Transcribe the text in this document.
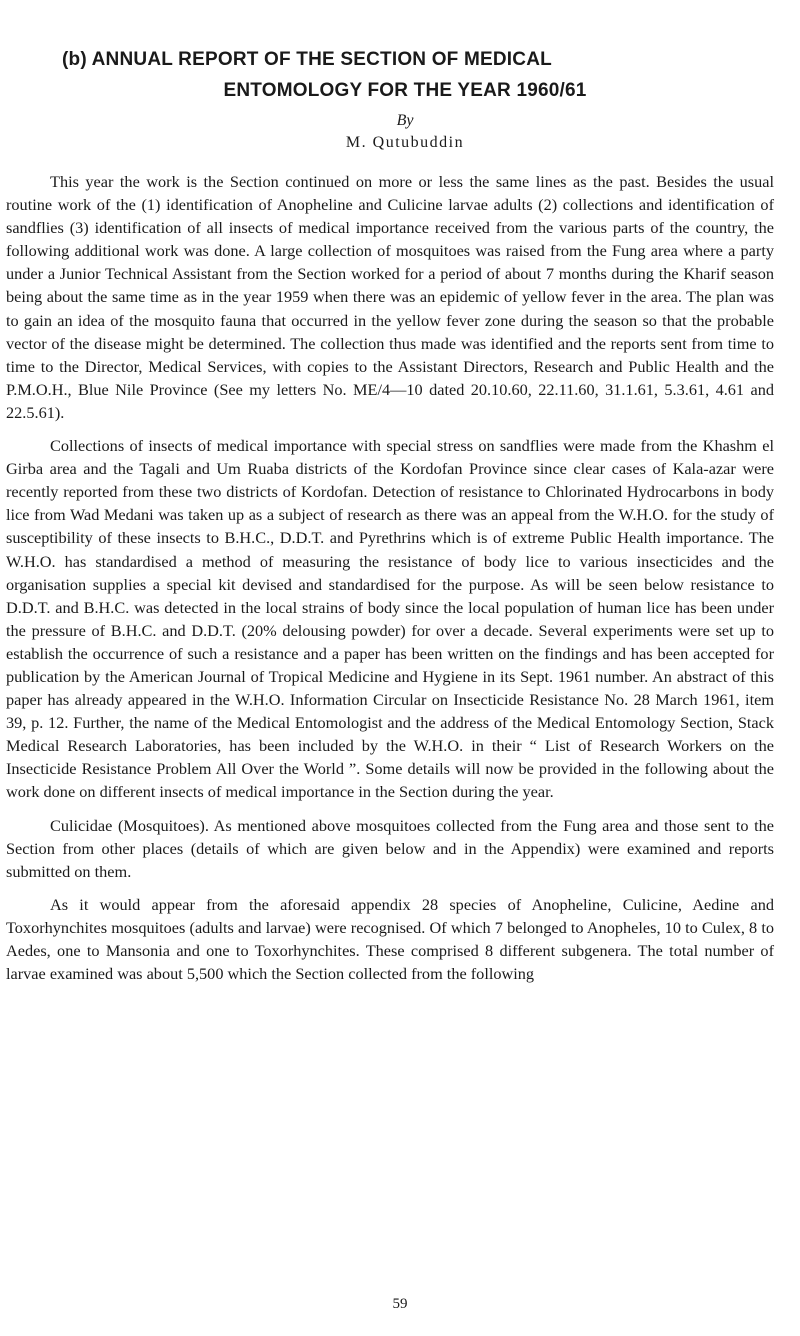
(b) ANNUAL REPORT OF THE SECTION OF MEDICAL
ENTOMOLOGY FOR THE YEAR 1960/61
By
M. Qutubuddin

This year the work is the Section continued on more or less the same lines as the past. Besides the usual routine work of the (1) identification of Anopheline and Culicine larvae adults (2) collections and identification of sandflies (3) identification of all insects of medical importance received from the various parts of the country, the following additional work was done. A large collection of mosquitoes was raised from the Fung area where a party under a Junior Technical Assistant from the Section worked for a period of about 7 months during the Kharif season being about the same time as in the year 1959 when there was an epidemic of yellow fever in the area. The plan was to gain an idea of the mosquito fauna that occurred in the yellow fever zone during the season so that the probable vector of the disease might be determined. The collection thus made was identified and the reports sent from time to time to the Director, Medical Services, with copies to the Assistant Directors, Research and Public Health and the P.M.O.H., Blue Nile Province (See my letters No. ME/4—10 dated 20.10.60, 22.11.60, 31.1.61, 5.3.61, 4.61 and 22.5.61).

Collections of insects of medical importance with special stress on sandflies were made from the Khashm el Girba area and the Tagali and Um Ruaba districts of the Kordofan Province since clear cases of Kala-azar were recently reported from these two districts of Kordofan. Detection of resistance to Chlorinated Hydrocarbons in body lice from Wad Medani was taken up as a subject of research as there was an appeal from the W.H.O. for the study of susceptibility of these insects to B.H.C., D.D.T. and Pyrethrins which is of extreme Public Health importance. The W.H.O. has standardised a method of measuring the resistance of body lice to various insecticides and the organisation supplies a special kit devised and standardised for the purpose. As will be seen below resistance to D.D.T. and B.H.C. was detected in the local strains of body since the local population of human lice has been under the pressure of B.H.C. and D.D.T. (20% delousing powder) for over a decade. Several experiments were set up to establish the occurrence of such a resistance and a paper has been written on the findings and has been accepted for publication by the American Journal of Tropical Medicine and Hygiene in its Sept. 1961 number. An abstract of this paper has already appeared in the W.H.O. Information Circular on Insecticide Resistance No. 28 March 1961, item 39, p. 12. Further, the name of the Medical Entomologist and the address of the Medical Entomology Section, Stack Medical Research Laboratories, has been included by the W.H.O. in their “ List of Research Workers on the Insecticide Resistance Problem All Over the World ”. Some details will now be provided in the following about the work done on different insects of medical importance in the Section during the year.

Culicidae (Mosquitoes). As mentioned above mosquitoes collected from the Fung area and those sent to the Section from other places (details of which are given below and in the Appendix) were examined and reports submitted on them.

As it would appear from the aforesaid appendix 28 species of Anopheline, Culicine, Aedine and Toxorhynchites mosquitoes (adults and larvae) were recognised. Of which 7 belonged to Anopheles, 10 to Culex, 8 to Aedes, one to Mansonia and one to Toxorhynchites. These comprised 8 different subgenera. The total number of larvae examined was about 5,500 which the Section collected from the following

59
